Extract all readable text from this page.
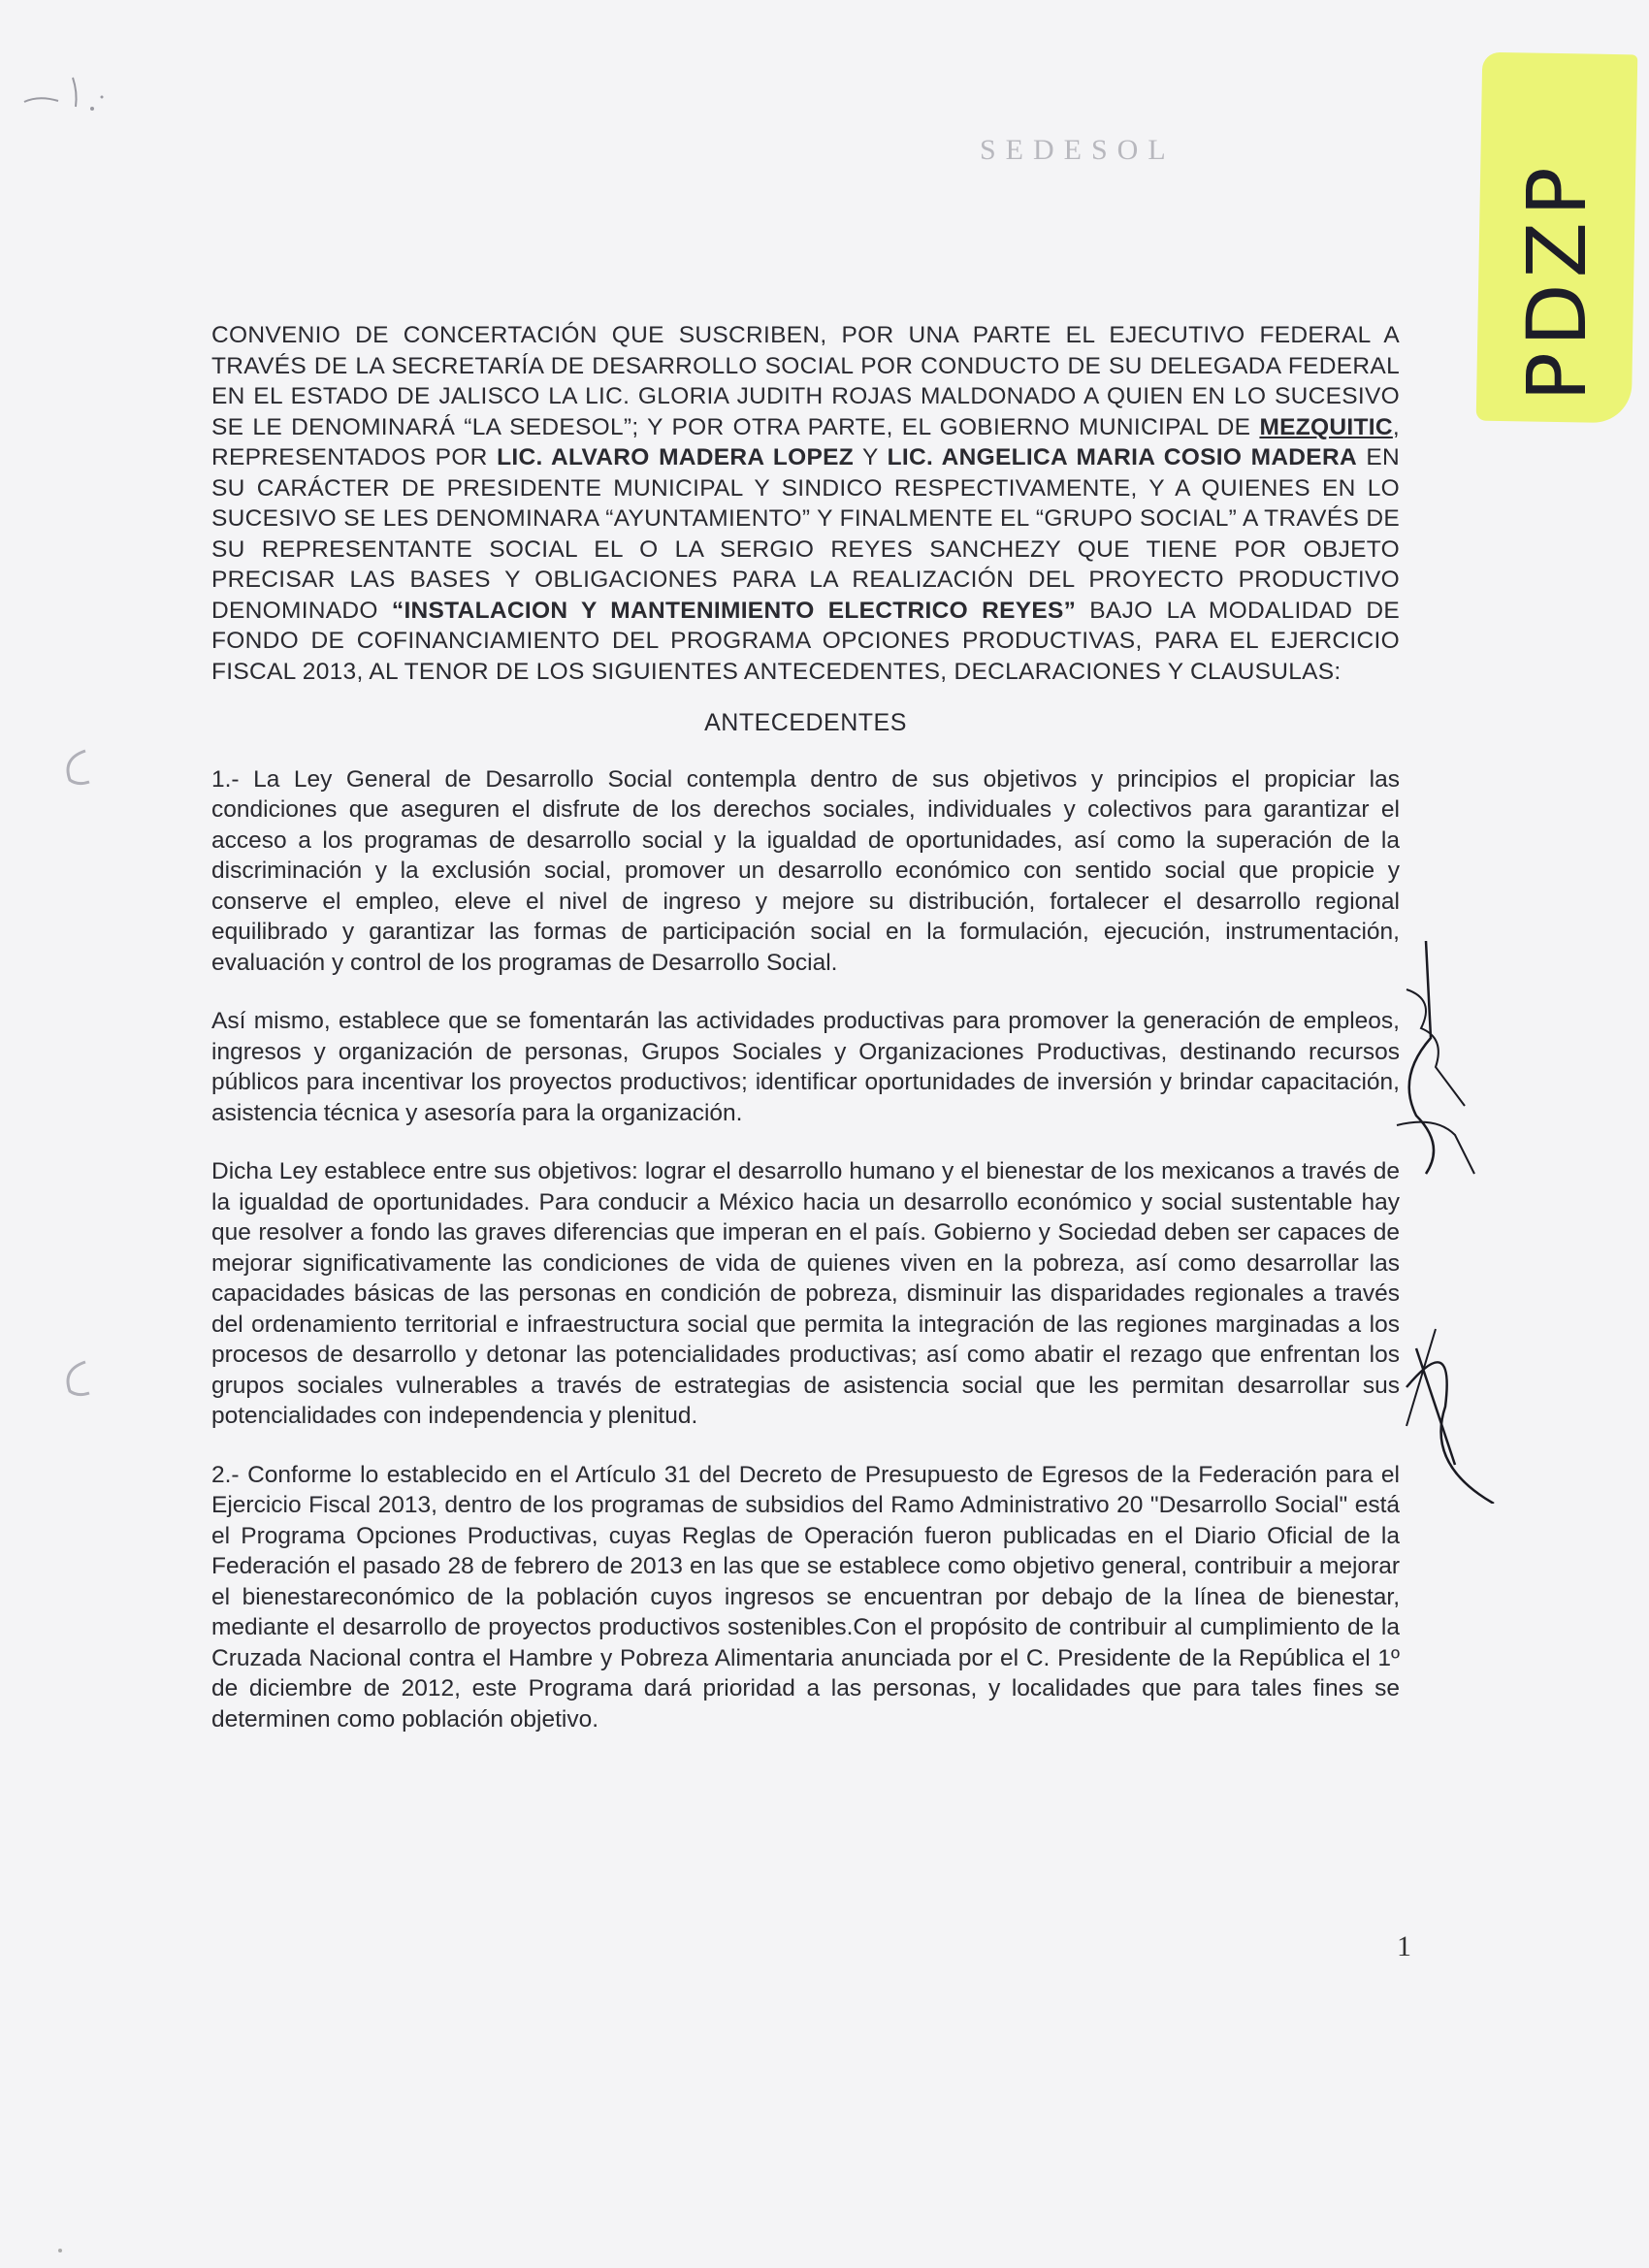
SEDESOL
PDZP

CONVENIO DE CONCERTACIÓN QUE SUSCRIBEN, POR UNA PARTE EL EJECUTIVO FEDERAL A TRAVÉS DE LA SECRETARÍA DE DESARROLLO SOCIAL POR CONDUCTO DE SU DELEGADA FEDERAL EN EL ESTADO DE JALISCO LA LIC. GLORIA JUDITH ROJAS MALDONADO A QUIEN EN LO SUCESIVO SE LE DENOMINARÁ “LA SEDESOL”; Y POR OTRA PARTE, EL GOBIERNO MUNICIPAL DE MEZQUITIC, REPRESENTADOS POR LIC. ALVARO MADERA LOPEZ Y LIC. ANGELICA MARIA COSIO MADERA EN SU CARÁCTER DE PRESIDENTE MUNICIPAL Y SINDICO RESPECTIVAMENTE, Y A QUIENES EN LO SUCESIVO SE LES DENOMINARA “AYUNTAMIENTO” Y FINALMENTE EL “GRUPO SOCIAL” A TRAVÉS DE SU REPRESENTANTE SOCIAL EL O LA SERGIO REYES SANCHEZY QUE TIENE POR OBJETO PRECISAR LAS BASES Y OBLIGACIONES PARA LA REALIZACIÓN DEL PROYECTO PRODUCTIVO DENOMINADO “INSTALACION Y MANTENIMIENTO ELECTRICO REYES” BAJO LA MODALIDAD DE FONDO DE COFINANCIAMIENTO DEL PROGRAMA OPCIONES PRODUCTIVAS, PARA EL EJERCICIO FISCAL 2013, AL TENOR DE LOS SIGUIENTES ANTECEDENTES, DECLARACIONES Y CLAUSULAS:

ANTECEDENTES

1.- La Ley General de Desarrollo Social contempla dentro de sus objetivos y principios el propiciar las condiciones que aseguren el disfrute de los derechos sociales, individuales y colectivos para garantizar el acceso a los programas de desarrollo social y la igualdad de oportunidades, así como la superación de la discriminación y la exclusión social, promover un desarrollo económico con sentido social que propicie y conserve el empleo, eleve el nivel de ingreso y mejore su distribución, fortalecer el desarrollo regional equilibrado y garantizar las formas de participación social en la formulación, ejecución, instrumentación, evaluación y control de los programas de Desarrollo Social.

Así mismo, establece que se fomentarán las actividades productivas para promover la generación de empleos, ingresos y organización de personas, Grupos Sociales y Organizaciones Productivas, destinando recursos públicos para incentivar los proyectos productivos; identificar oportunidades de inversión y brindar capacitación, asistencia técnica y asesoría para la organización.

Dicha Ley establece entre sus objetivos: lograr el desarrollo humano y el bienestar de los mexicanos a través de la igualdad de oportunidades. Para conducir a México hacia un desarrollo económico y social sustentable hay que resolver a fondo las graves diferencias que imperan en el país. Gobierno y Sociedad deben ser capaces de mejorar significativamente las condiciones de vida de quienes viven en la pobreza, así como desarrollar las capacidades básicas de las personas en condición de pobreza, disminuir las disparidades regionales a través del ordenamiento territorial e infraestructura social que permita la integración de las regiones marginadas a los procesos de desarrollo y detonar las potencialidades productivas; así como abatir el rezago que enfrentan los grupos sociales vulnerables a través de estrategias de asistencia social que les permitan desarrollar sus potencialidades con independencia y plenitud.

2.- Conforme lo establecido en el Artículo 31 del Decreto de Presupuesto de Egresos de la Federación para el Ejercicio Fiscal 2013, dentro de los programas de subsidios del Ramo Administrativo 20 "Desarrollo Social" está el Programa Opciones Productivas, cuyas Reglas de Operación fueron publicadas en el Diario Oficial de la Federación el pasado 28 de febrero de 2013 en las que se establece como objetivo general, contribuir a mejorar el bienestareconómico de la población cuyos ingresos se encuentran por debajo de la línea de bienestar, mediante el desarrollo de proyectos productivos sostenibles.Con el propósito de contribuir al cumplimiento de la Cruzada Nacional contra el Hambre y Pobreza Alimentaria anunciada por el C. Presidente de la República el 1º de diciembre de 2012, este Programa dará prioridad a las personas, y localidades que para tales fines se determinen como población objetivo.

1
